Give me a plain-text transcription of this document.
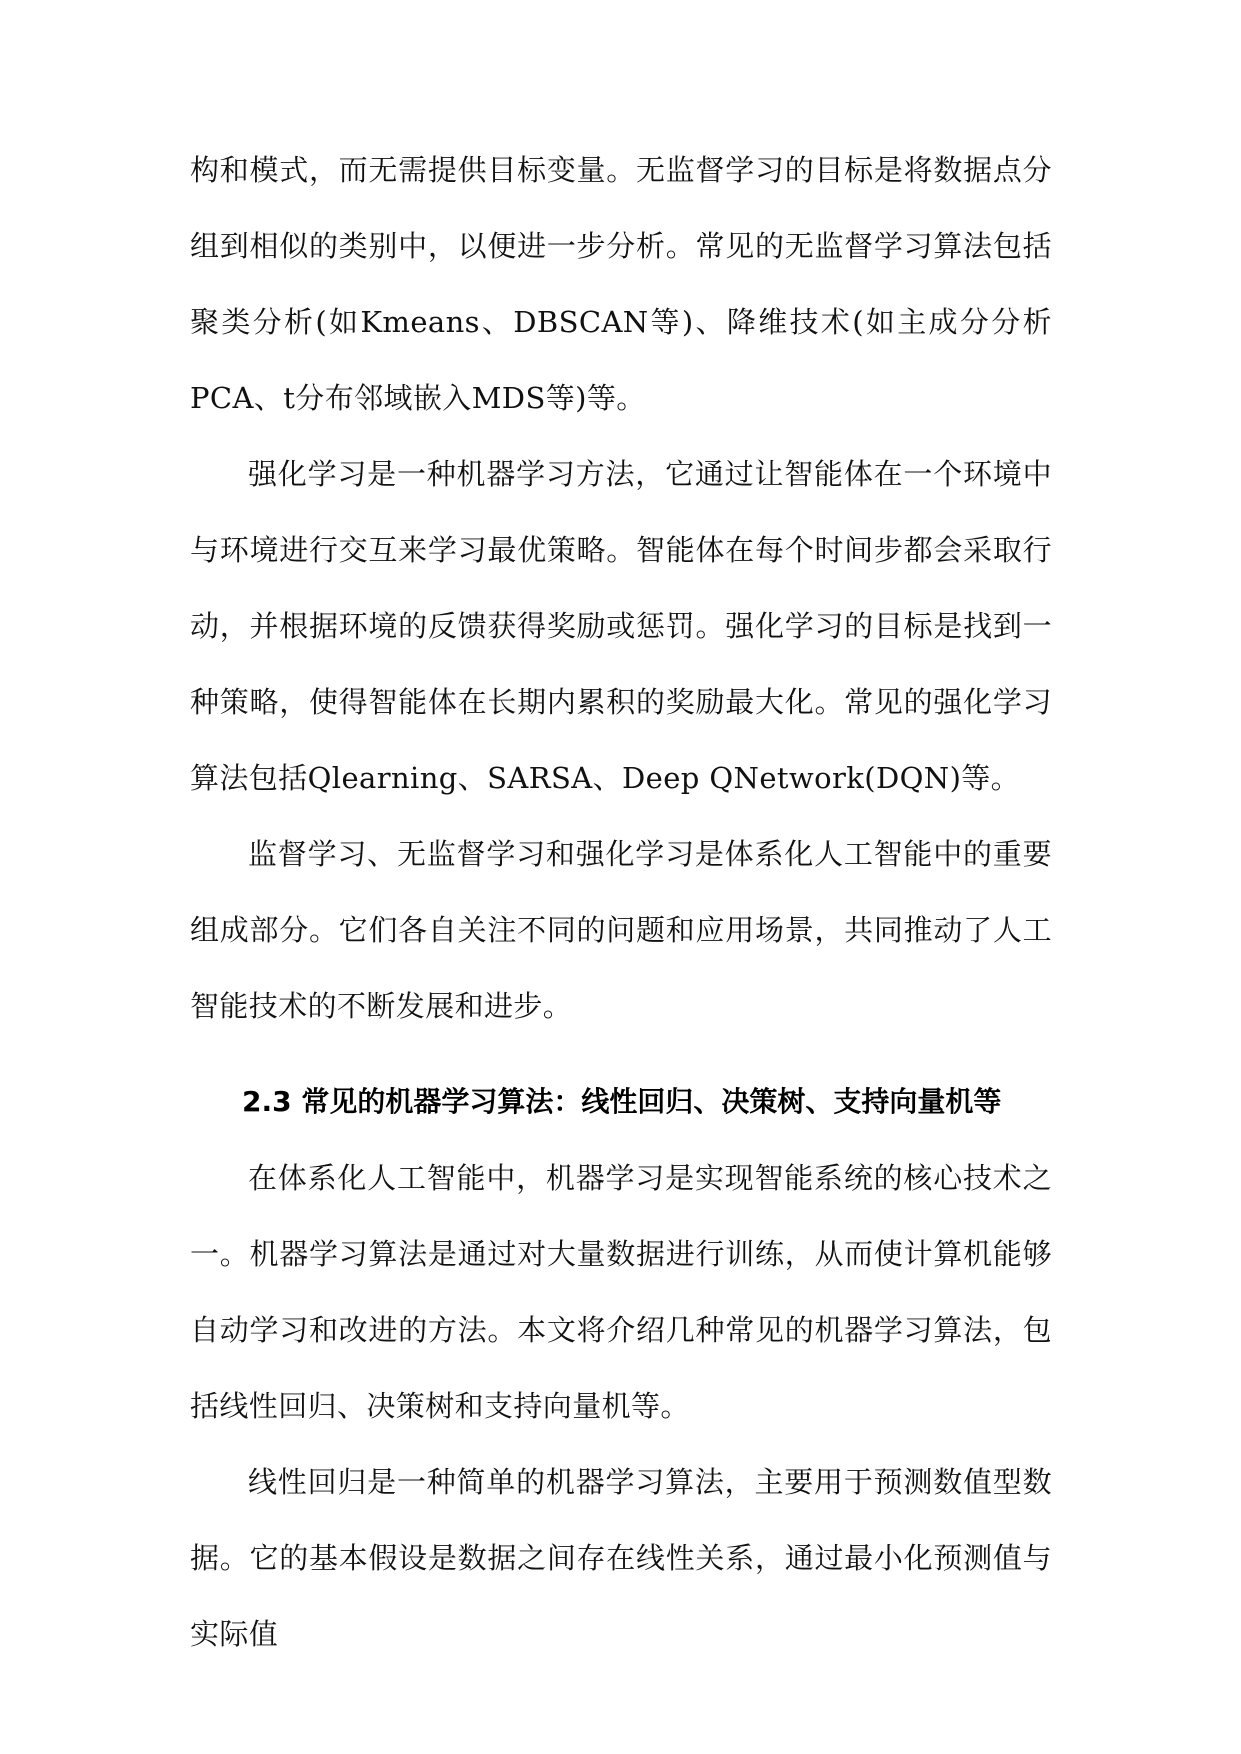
构和模式，而无需提供目标变量。无监督学习的目标是将数据点分组到相似的类别中，以便进一步分析。常见的无监督学习算法包括聚类分析(如Kmeans、DBSCAN等)、降维技术(如主成分分析PCA、t分布邻域嵌入MDS等)等。

强化学习是一种机器学习方法，它通过让智能体在一个环境中与环境进行交互来学习最优策略。智能体在每个时间步都会采取行动，并根据环境的反馈获得奖励或惩罚。强化学习的目标是找到一种策略，使得智能体在长期内累积的奖励最大化。常见的强化学习算法包括Qlearning、SARSA、Deep QNetwork(DQN)等。

监督学习、无监督学习和强化学习是体系化人工智能中的重要组成部分。它们各自关注不同的问题和应用场景，共同推动了人工智能技术的不断发展和进步。

2.3 常见的机器学习算法：线性回归、决策树、支持向量机等

在体系化人工智能中，机器学习是实现智能系统的核心技术之一。机器学习算法是通过对大量数据进行训练，从而使计算机能够自动学习和改进的方法。本文将介绍几种常见的机器学习算法，包括线性回归、决策树和支持向量机等。

线性回归是一种简单的机器学习算法，主要用于预测数值型数据。它的基本假设是数据之间存在线性关系，通过最小化预测值与实际值
